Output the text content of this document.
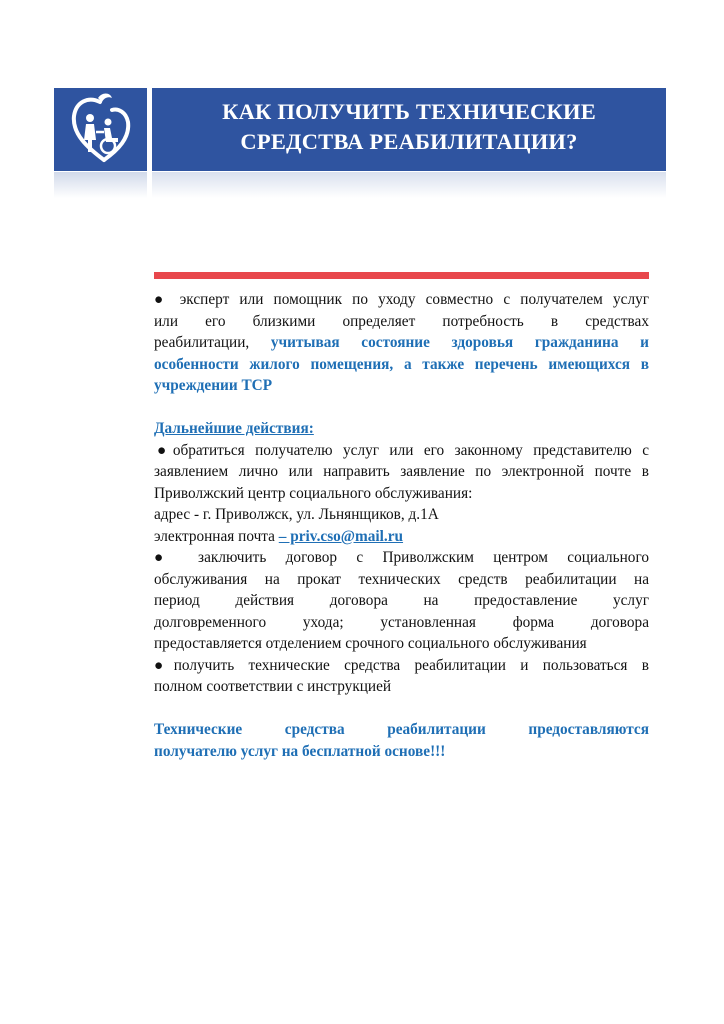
КАК ПОЛУЧИТЬ ТЕХНИЧЕСКИЕ
СРЕДСТВА РЕАБИЛИТАЦИИ?

● эксперт или помощник по уходу совместно с получателем услуг

или его близкими определяет потребность в средствах

реабилитации, учитывая состояние здоровья гражданина и

особенности жилого помещения, а также перечень имеющихся в

учреждении ТСР

Дальнейшие действия:

●обратиться получателю услуг или его законному представителю с

заявлением лично или направить заявление по электронной почте в

Приволжский центр социального обслуживания:

адрес - г. Приволжск, ул. Льнянщиков, д.1А

электронная почта – priv.cso@mail.ru

● заключить договор с Приволжским центром социального

обслуживания на прокат технических средств реабилитации на

период действия договора на предоставление услуг

долговременного ухода; установленная форма договора

предоставляется отделением срочного социального обслуживания

●получить технические средства реабилитации и пользоваться в

полном соответствии с инструкцией

Технические средства реабилитации предоставляются

получателю услуг на бесплатной основе!!!
